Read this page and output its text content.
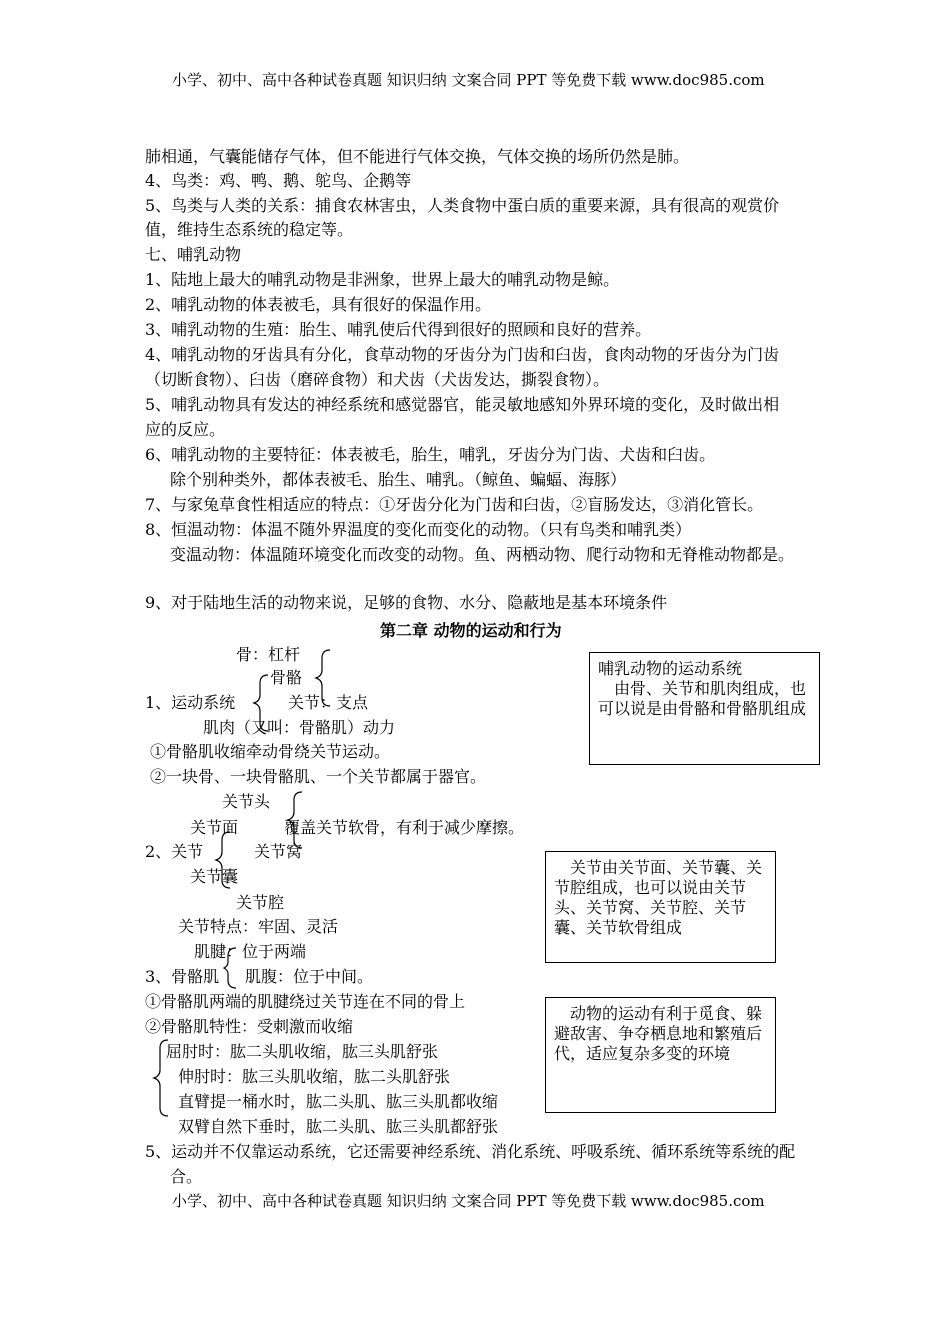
小学、初中、高中各种试卷真题 知识归纳 文案合同 PPT 等免费下载 www.doc985.com
肺相通，气囊能储存气体，但不能进行气体交换，气体交换的场所仍然是肺。
4、鸟类：鸡、鸭、鹅、鸵鸟、企鹅等
5、鸟类与人类的关系：捕食农林害虫，人类食物中蛋白质的重要来源，具有很高的观赏价
值，维持生态系统的稳定等。
七、哺乳动物
1、陆地上最大的哺乳动物是非洲象，世界上最大的哺乳动物是鲸。
2、哺乳动物的体表被毛，具有很好的保温作用。
3、哺乳动物的生殖：胎生、哺乳使后代得到很好的照顾和良好的营养。
4、哺乳动物的牙齿具有分化，食草动物的牙齿分为门齿和臼齿，食肉动物的牙齿分为门齿
（切断食物）、臼齿（磨碎食物）和犬齿（犬齿发达，撕裂食物）。
5、哺乳动物具有发达的神经系统和感觉器官，能灵敏地感知外界环境的变化，及时做出相
应的反应。
6、哺乳动物的主要特征：体表被毛，胎生，哺乳，牙齿分为门齿、犬齿和臼齿。
除个别种类外，都体表被毛、胎生、哺乳。（鲸鱼、蝙蝠、海豚）
7、与家兔草食性相适应的特点：①牙齿分化为门齿和臼齿，②盲肠发达，③消化管长。
8、恒温动物：体温不随外界温度的变化而变化的动物。（只有鸟类和哺乳类）
变温动物：体温随环境变化而改变的动物。鱼、两栖动物、爬行动物和无脊椎动物都是。
9、对于陆地生活的动物来说，足够的食物、水分、隐蔽地是基本环境条件
第二章 动物的运动和行为
骨：杠杆
骨骼
1、运动系统	关节：支点
肌肉（又叫：骨骼肌）动力
①骨骼肌收缩牵动骨绕关节运动。
②一块骨、一块骨骼肌、一个关节都属于器官。
关节头
关节面	覆盖关节软骨，有利于减少摩擦。
2、关节	关节窝
关节囊
关节腔
关节特点：牢固、灵活
肌腱：位于两端
3、骨骼肌 肌腹：位于中间。
①骨骼肌两端的肌腱绕过关节连在不同的骨上
②骨骼肌特性：受刺激而收缩
屈肘时：肱二头肌收缩，肱三头肌舒张
伸肘时：肱三头肌收缩，肱二头肌舒张
直臂提一桶水时，肱二头肌、肱三头肌都收缩
双臂自然下垂时，肱二头肌、肱三头肌都舒张
5、运动并不仅靠运动系统，它还需要神经系统、消化系统、呼吸系统、循环系统等系统的配
合。
小学、初中、高中各种试卷真题 知识归纳 文案合同 PPT 等免费下载 www.doc985.com
哺乳动物的运动系统
　由骨、关节和肌肉组成，也可以说是由骨骼和骨骼肌组成
　关节由关节面、关节囊、关节腔组成，也可以说由关节头、关节窝、关节腔、关节囊、关节软骨组成
　动物的运动有利于觅食、躲避敌害、争夺栖息地和繁殖后代，适应复杂多变的环境
